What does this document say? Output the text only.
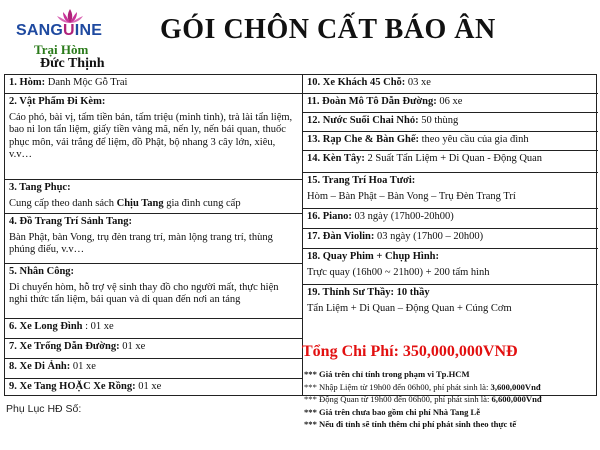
SANGUINE
Trại Hòm
Đức Thịnh
GÓI CHÔN CẤT BÁO ÂN
1. Hòm: Danh Mộc Gỗ Trai
2. Vật Phẩm Đi Kèm:
Cáo phó, bài vị, tấm tiền bản, tấm triệu (minh tinh), trà lài tẩn liệm, bao ni lon tẩn liệm, giấy tiền vàng mã, nến ly, nến bái quan, thuốc phục môn, vải trắng để liệm, đồ Phật, bộ nhang 3 cây lớn, xiêu, v.v…
3. Tang Phục:
Cung cấp theo danh sách Chịu Tang gia đình cung cấp
4. Đồ Trang Trí Sảnh Tang:
Bàn Phật, bàn Vong, trụ đèn trang trí, màn lộng trang trí, thùng phúng điếu, v.v…
5. Nhân Công:
Di chuyển hòm, hỗ trợ vệ sinh thay đồ cho người mất, thực hiện nghi thức tẩn liệm, bái quan và di quan đến nơi an táng
6. Xe Long Đình : 01 xe
7. Xe Trống Dẫn Đường: 01 xe
8. Xe Di Ảnh: 01 xe
9. Xe Tang HOẶC Xe Rồng: 01 xe
10. Xe Khách 45 Chỗ: 03 xe
11. Đoàn Mô Tô Dẫn Đường: 06 xe
12. Nước Suối Chai Nhỏ: 50 thùng
13. Rạp Che & Bàn Ghế: theo yêu cầu của gia đình
14. Kèn Tây: 2 Suất Tẩn Liệm + Di Quan - Động Quan
15. Trang Trí Hoa Tươi:
Hòm – Bàn Phật – Bàn Vong – Trụ Đèn Trang Trí
16. Piano: 03 ngày (17h00-20h00)
17. Đàn Violin: 03 ngày (17h00 – 20h00)
18. Quay Phim + Chụp Hình:
Trực quay (16h00 ~ 21h00) + 200 tấm hình
19. Thỉnh Sư Thầy: 10 thầy
Tẩn Liệm + Di Quan – Động Quan + Cúng Cơm
Tổng Chi Phí: 350,000,000VNĐ
*** Giá trên chỉ tính trong phạm vi Tp.HCM
*** Nhập Liệm từ 19h00 đến 06h00, phí phát sinh là: 3,600,000Vnđ
*** Động Quan từ 19h00 đến 06h00, phí phát sinh là: 6,600,000Vnđ
*** Giá trên chưa bao gồm chi phí Nhà Tang Lễ
*** Nếu đi tỉnh sẽ tính thêm chi phí phát sinh theo thực tế
Phụ Lục HĐ Số:
